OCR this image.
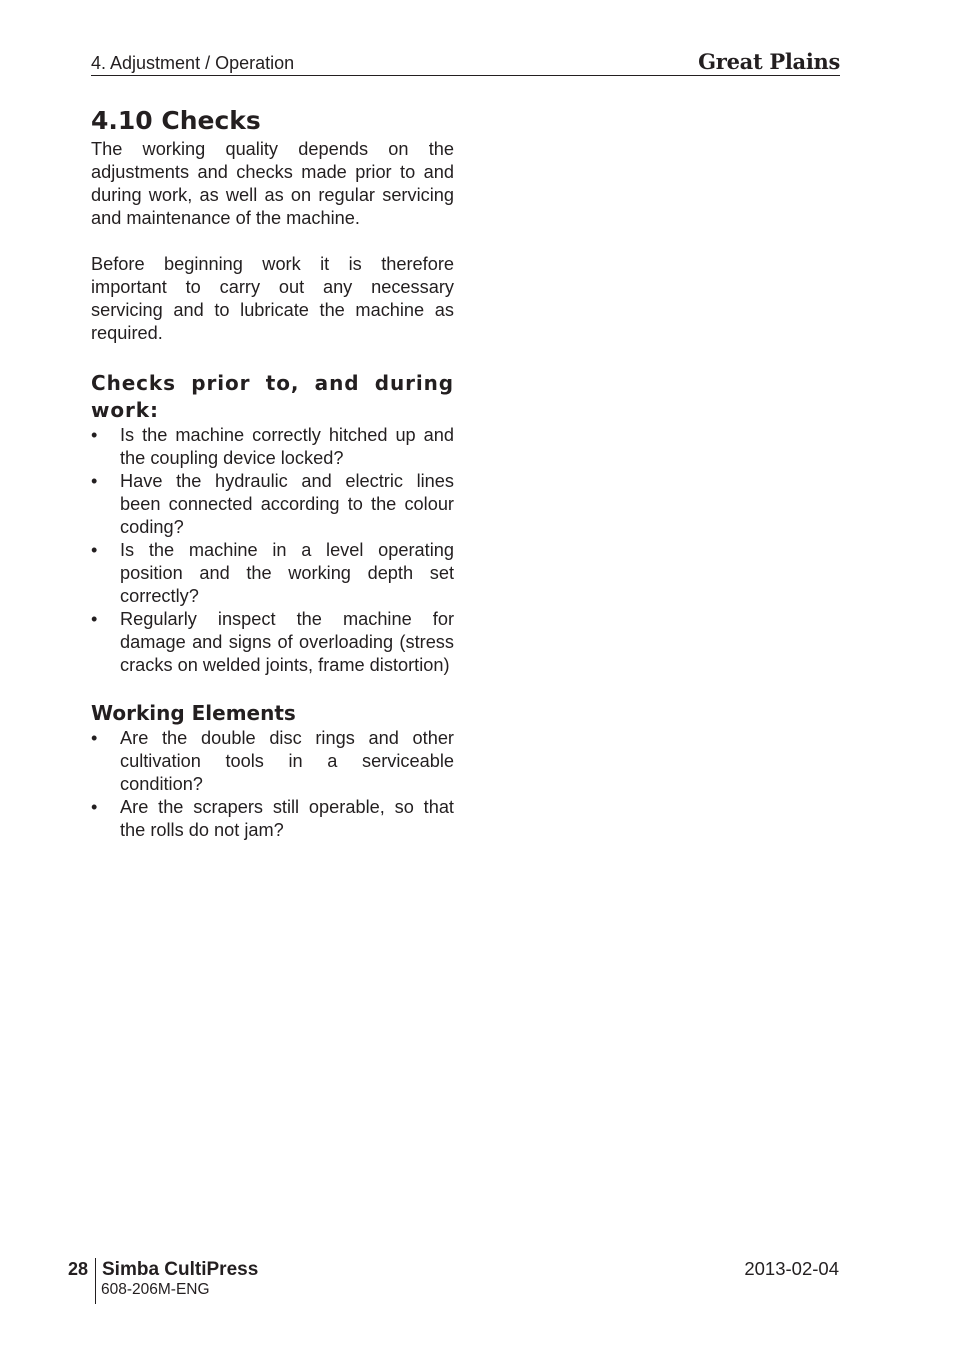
4. Adjustment / Operation	Great Plains
4.10 Checks

The working quality depends on the adjustments and checks made prior to and during work, as well as on regular servicing and maintenance of the machine.

Before beginning work it is therefore important to carry out any necessary servicing and to lubricate the machine as required.

Checks prior to, and during work:
•	Is the machine correctly hitched up and the coupling device locked?
•	Have the hydraulic and electric lines been connected according to the colour coding?
•	Is the machine in a level operating position and the working depth set correctly?
•	Regularly inspect the machine for damage and signs of overloading (stress cracks on welded joints, frame distortion)
Working Elements
•	Are the double disc rings and other cultivation tools in a serviceable condition?
•	Are the scrapers still operable, so that the rolls do not jam?
28 Simba CultiPress
608-206M-ENG
2013-02-04
